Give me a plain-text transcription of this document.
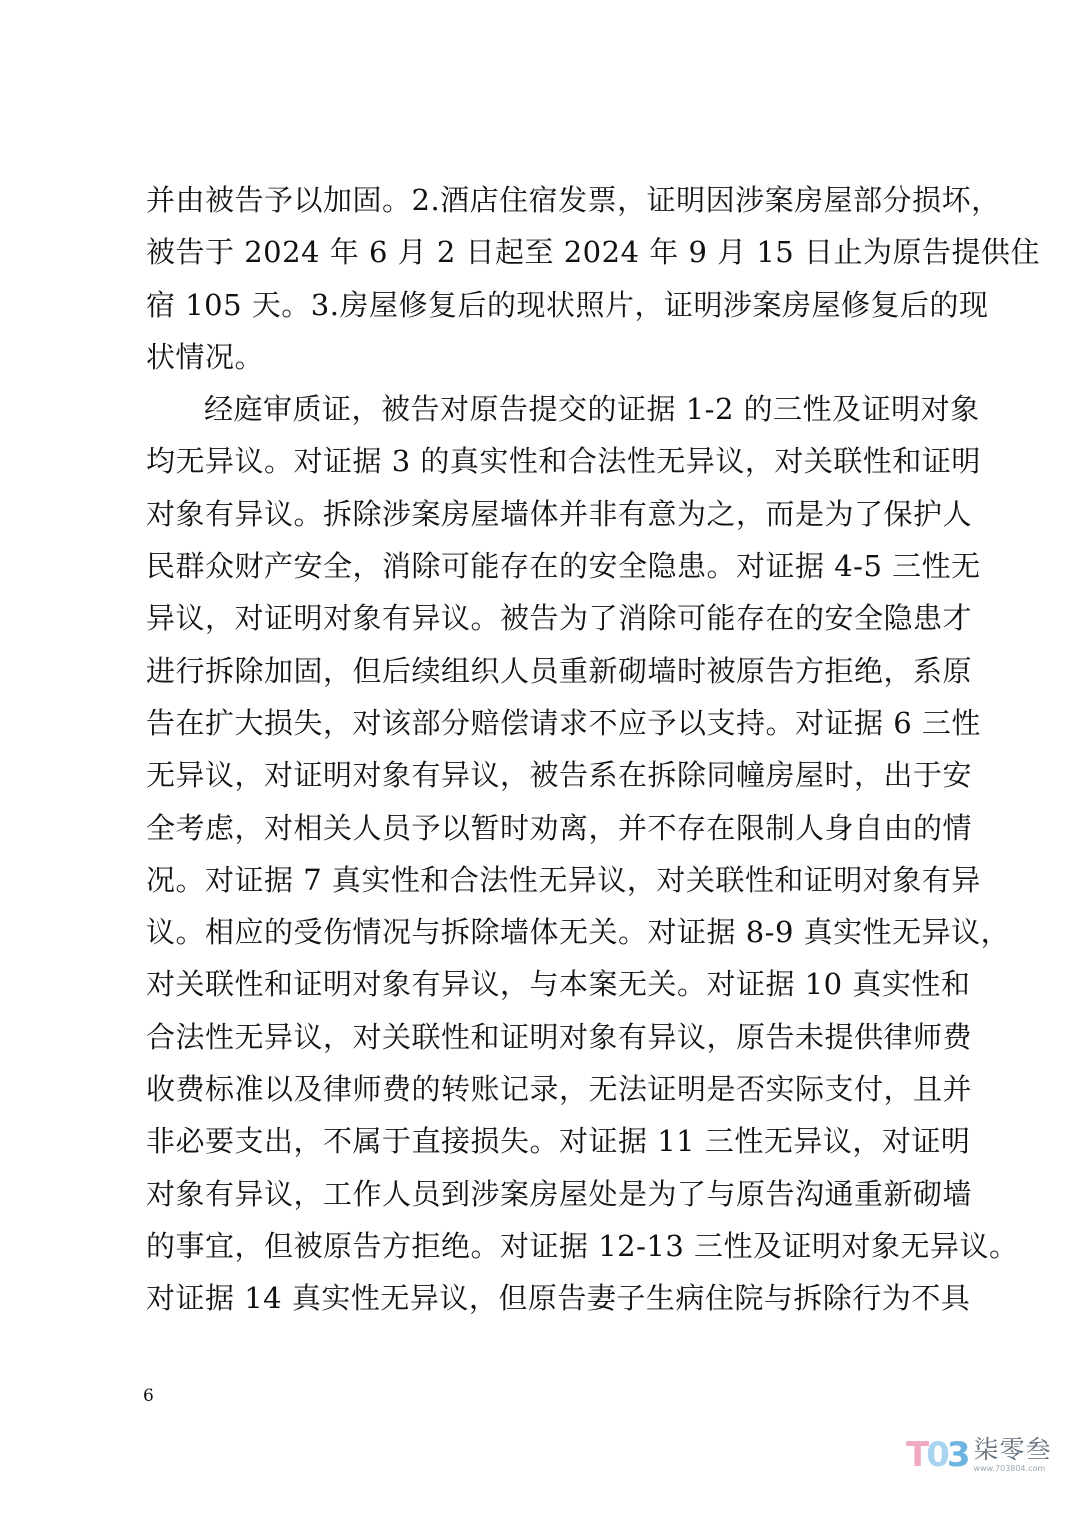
并由被告予以加固。2.酒店住宿发票，证明因涉案房屋部分损坏，
被告于 2024 年 6 月 2 日起至 2024 年 9 月 15 日止为原告提供住
宿 105 天。3.房屋修复后的现状照片，证明涉案房屋修复后的现
状情况。
经庭审质证，被告对原告提交的证据 1-2 的三性及证明对象
均无异议。对证据 3 的真实性和合法性无异议，对关联性和证明
对象有异议。拆除涉案房屋墙体并非有意为之，而是为了保护人
民群众财产安全，消除可能存在的安全隐患。对证据 4-5 三性无
异议，对证明对象有异议。被告为了消除可能存在的安全隐患才
进行拆除加固，但后续组织人员重新砌墙时被原告方拒绝，系原
告在扩大损失，对该部分赔偿请求不应予以支持。对证据 6 三性
无异议，对证明对象有异议，被告系在拆除同幢房屋时，出于安
全考虑，对相关人员予以暂时劝离，并不存在限制人身自由的情
况。对证据 7 真实性和合法性无异议，对关联性和证明对象有异
议。相应的受伤情况与拆除墙体无关。对证据 8-9 真实性无异议，
对关联性和证明对象有异议，与本案无关。对证据 10 真实性和
合法性无异议，对关联性和证明对象有异议，原告未提供律师费
收费标准以及律师费的转账记录，无法证明是否实际支付，且并
非必要支出，不属于直接损失。对证据 11 三性无异议，对证明
对象有异议，工作人员到涉案房屋处是为了与原告沟通重新砌墙
的事宜，但被原告方拒绝。对证据 12-13 三性及证明对象无异议。
对证据 14 真实性无异议，但原告妻子生病住院与拆除行为不具
6
T03 柒零叁
www.703804.com
